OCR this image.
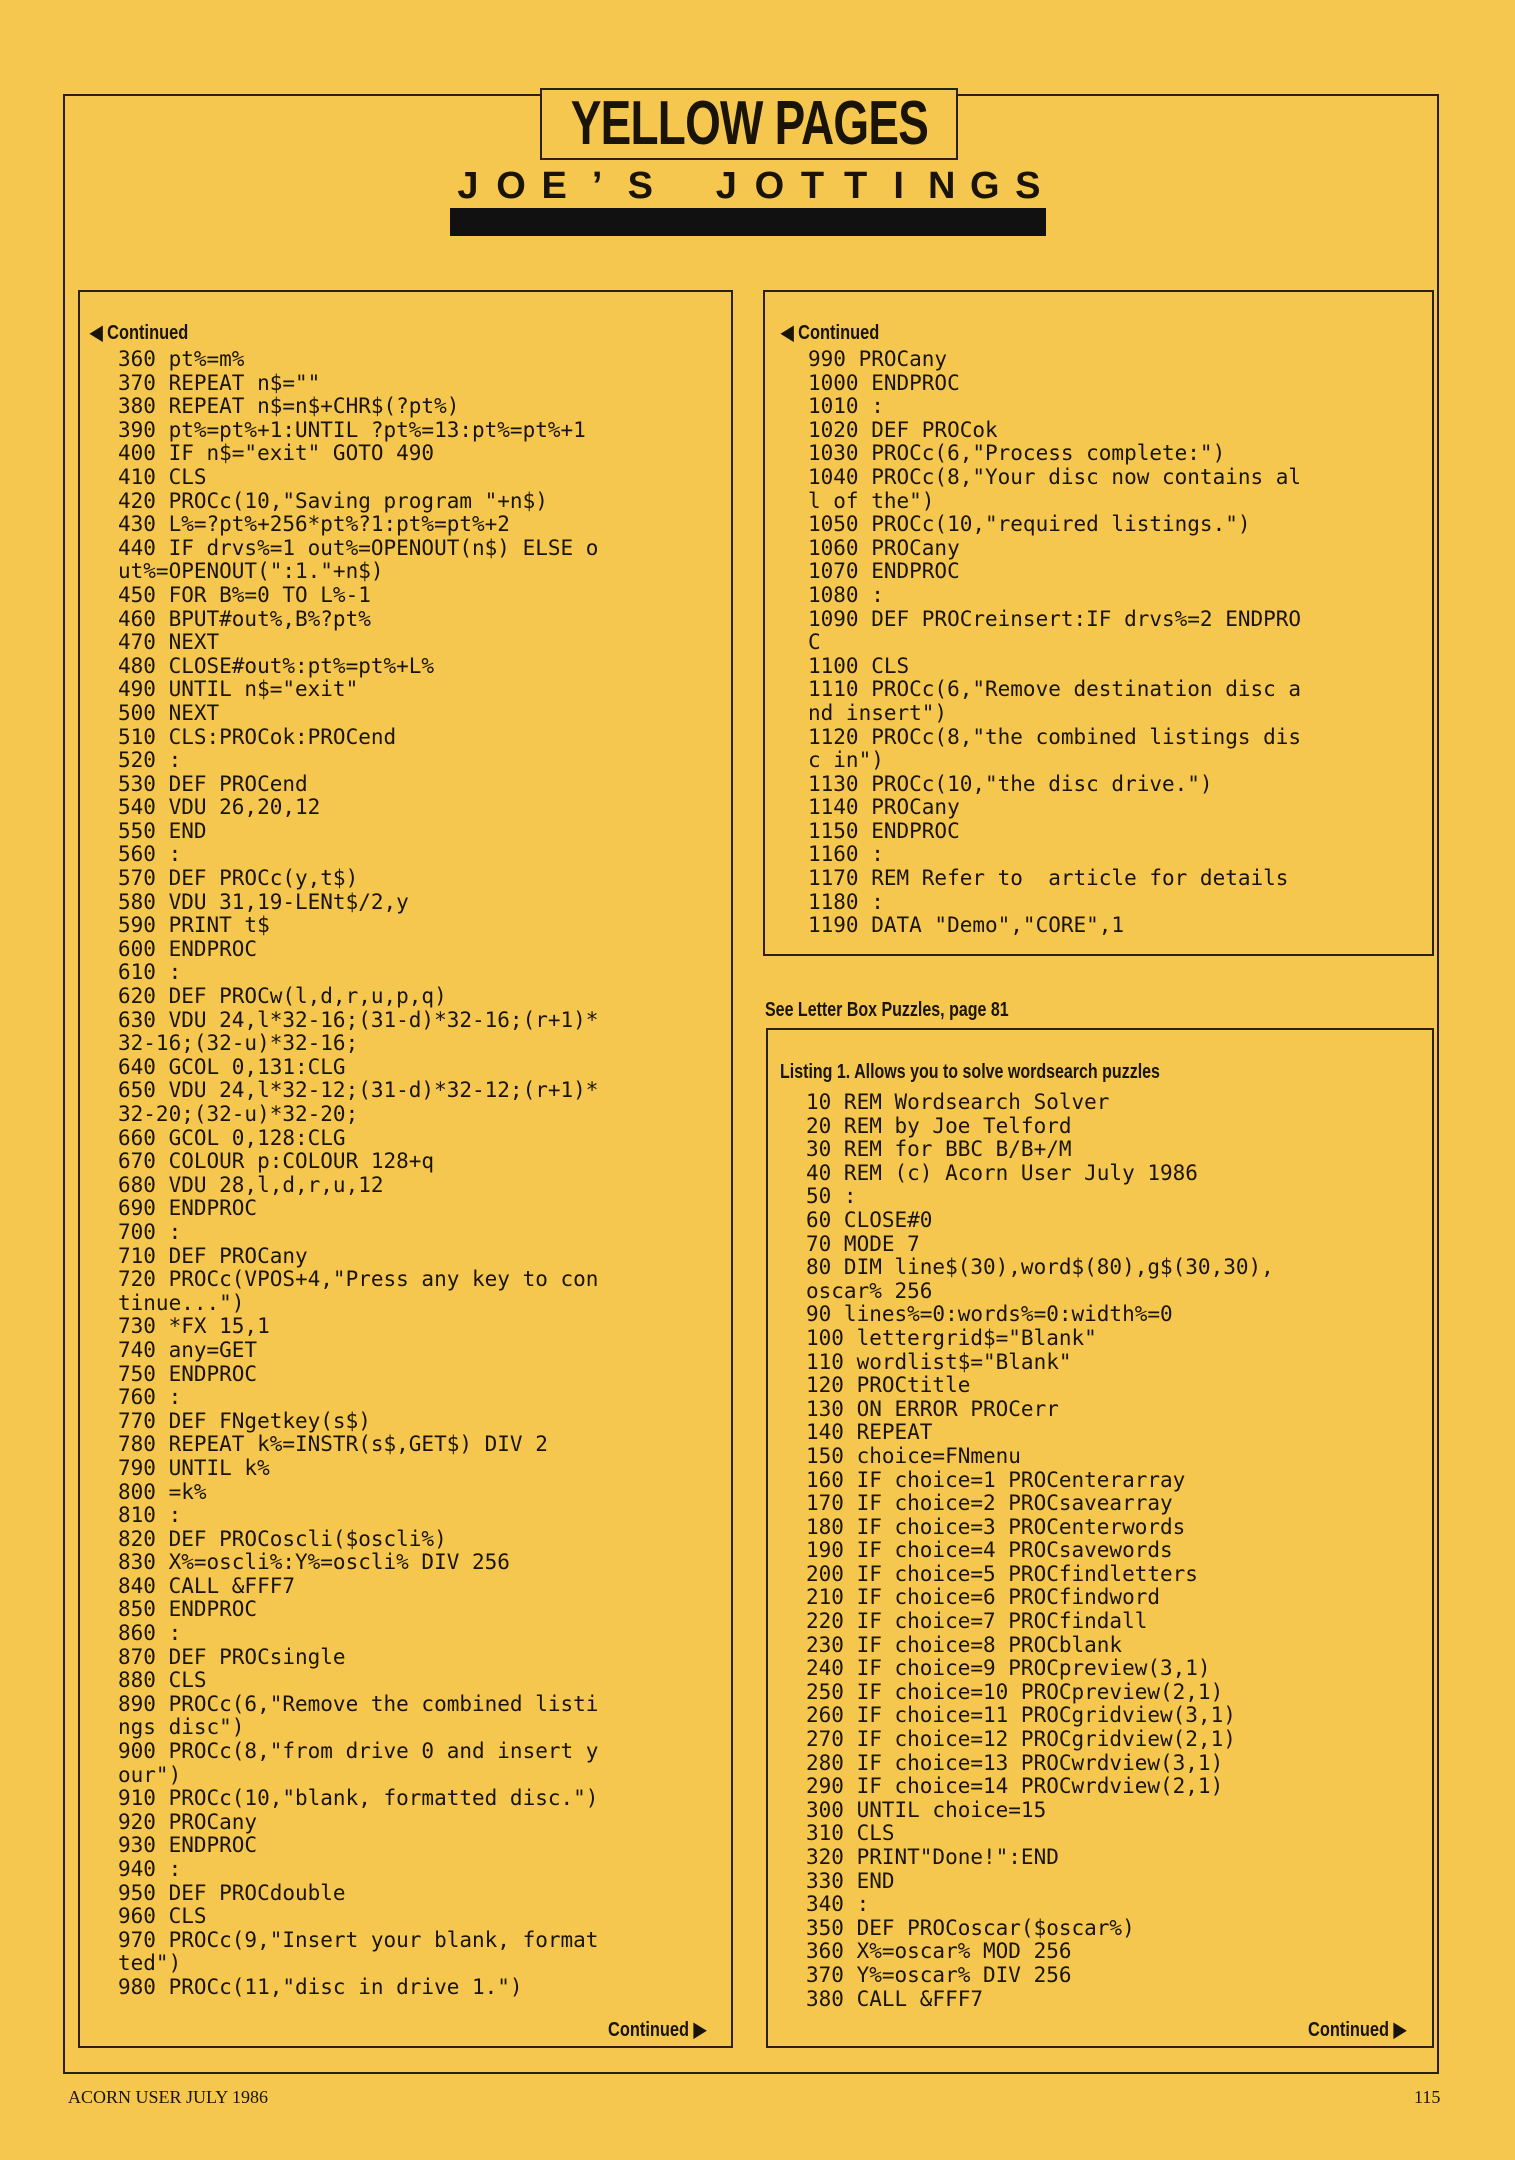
YELLOW PAGES
J O E ’ S J O T T I N G S
◀ Continued
360 pt%=m%
370 REPEAT n$=""
380 REPEAT n$=n$+CHR$(?pt%)
390 pt%=pt%+1:UNTIL ?pt%=13:pt%=pt%+1
400 IF n$="exit" GOTO 490
410 CLS
420 PROCc(10,"Saving program "+n$)
430 L%=?pt%+256*pt%?1:pt%=pt%+2
440 IF drvs%=1 out%=OPENOUT(n$) ELSE o
ut%=OPENOUT(":1."+n$)
450 FOR B%=0 TO L%-1
460 BPUT#out%,B%?pt%
470 NEXT
480 CLOSE#out%:pt%=pt%+L%
490 UNTIL n$="exit"
500 NEXT
510 CLS:PROCok:PROCend
520 :
530 DEF PROCend
540 VDU 26,20,12
550 END
560 :
570 DEF PROCc(y,t$)
580 VDU 31,19-LENt$/2,y
590 PRINT t$
600 ENDPROC
610 :
620 DEF PROCw(l,d,r,u,p,q)
630 VDU 24,l*32-16;(31-d)*32-16;(r+1)*
32-16;(32-u)*32-16;
640 GCOL 0,131:CLG
650 VDU 24,l*32-12;(31-d)*32-12;(r+1)*
32-20;(32-u)*32-20;
660 GCOL 0,128:CLG
670 COLOUR p:COLOUR 128+q
680 VDU 28,l,d,r,u,12
690 ENDPROC
700 :
710 DEF PROCany
720 PROCc(VPOS+4,"Press any key to con
tinue...")
730 *FX 15,1
740 any=GET
750 ENDPROC
760 :
770 DEF FNgetkey(s$)
780 REPEAT k%=INSTR(s$,GET$) DIV 2
790 UNTIL k%
800 =k%
810 :
820 DEF PROCoscli($oscli%)
830 X%=oscli%:Y%=oscli% DIV 256
840 CALL &FFF7
850 ENDPROC
860 :
870 DEF PROCsingle
880 CLS
890 PROCc(6,"Remove the combined listi
ngs disc")
900 PROCc(8,"from drive 0 and insert y
our")
910 PROCc(10,"blank, formatted disc.")
920 PROCany
930 ENDPROC
940 :
950 DEF PROCdouble
960 CLS
970 PROCc(9,"Insert your blank, format
ted")
980 PROCc(11,"disc in drive 1.")
Continued ▶
◀ Continued
990 PROCany
1000 ENDPROC
1010 :
1020 DEF PROCok
1030 PROCc(6,"Process complete:")
1040 PROCc(8,"Your disc now contains al
l of the")
1050 PROCc(10,"required listings.")
1060 PROCany
1070 ENDPROC
1080 :
1090 DEF PROCreinsert:IF drvs%=2 ENDPRO
C
1100 CLS
1110 PROCc(6,"Remove destination disc a
nd insert")
1120 PROCc(8,"the combined listings dis
c in")
1130 PROCc(10,"the disc drive.")
1140 PROCany
1150 ENDPROC
1160 :
1170 REM Refer to  article for details
1180 :
1190 DATA "Demo","CORE",1
See Letter Box Puzzles, page 81
Listing 1. Allows you to solve wordsearch puzzles
10 REM Wordsearch Solver
20 REM by Joe Telford
30 REM for BBC B/B+/M
40 REM (c) Acorn User July 1986
50 :
60 CLOSE#0
70 MODE 7
80 DIM line$(30),word$(80),g$(30,30),
oscar% 256
90 lines%=0:words%=0:width%=0
100 lettergrid$="Blank"
110 wordlist$="Blank"
120 PROCtitle
130 ON ERROR PROCerr
140 REPEAT
150 choice=FNmenu
160 IF choice=1 PROCenterarray
170 IF choice=2 PROCsavearray
180 IF choice=3 PROCenterwords
190 IF choice=4 PROCsavewords
200 IF choice=5 PROCfindletters
210 IF choice=6 PROCfindword
220 IF choice=7 PROCfindall
230 IF choice=8 PROCblank
240 IF choice=9 PROCpreview(3,1)
250 IF choice=10 PROCpreview(2,1)
260 IF choice=11 PROCgridview(3,1)
270 IF choice=12 PROCgridview(2,1)
280 IF choice=13 PROCwrdview(3,1)
290 IF choice=14 PROCwrdview(2,1)
300 UNTIL choice=15
310 CLS
320 PRINT"Done!":END
330 END
340 :
350 DEF PROCoscar($oscar%)
360 X%=oscar% MOD 256
370 Y%=oscar% DIV 256
380 CALL &FFF7
Continued ▶
ACORN USER JULY 1986	115
